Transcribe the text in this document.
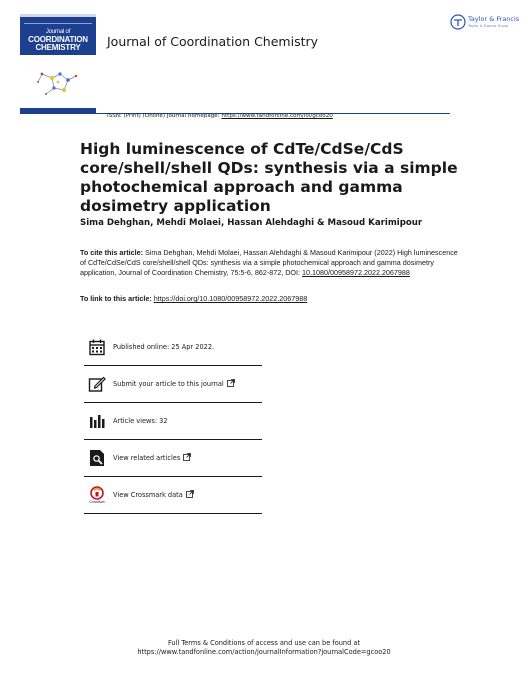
Journal of
COORDINATION
CHEMISTRY	Journal of Coordination Chemistry
ISSN: (Print) (Online) Journal homepage: https://www.tandfonline.com/loi/gcoo20
Taylor & Francis
Taylor & Francis Group
High luminescence of CdTe/CdSe/CdS core/shell/shell QDs: synthesis via a simple photochemical approach and gamma dosimetry application
Sima Dehghan, Mehdi Molaei, Hassan Alehdaghi & Masoud Karimipour
To cite this article: Sima Dehghan, Mehdi Molaei, Hassan Alehdaghi & Masoud Karimipour (2022) High luminescence of CdTe/CdSe/CdS core/shell/shell QDs: synthesis via a simple photochemical approach and gamma dosimetry application, Journal of Coordination Chemistry, 75:5-6, 862-872, DOI: 10.1080/00958972.2022.2067988
To link to this article: https://doi.org/10.1080/00958972.2022.2067988
Published online: 25 Apr 2022.
Submit your article to this journal
Article views: 32
View related articles
CrossMark
View Crossmark data
Full Terms & Conditions of access and use can be found at
https://www.tandfonline.com/action/journalInformation?journalCode=gcoo20
